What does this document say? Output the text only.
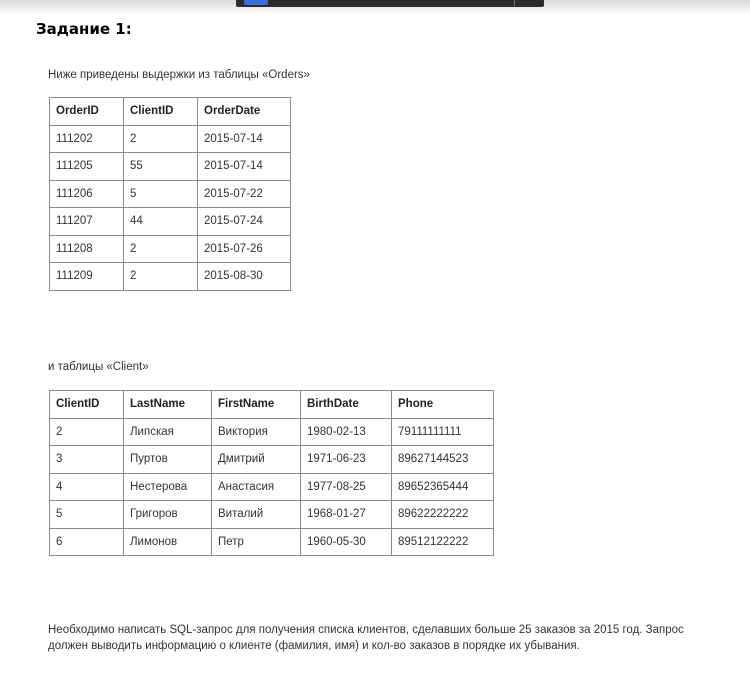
Задание 1:
Ниже приведены выдержки из таблицы «Orders»
OrderID	ClientID	OrderDate
111202	2	2015-07-14
111205	55	2015-07-14
111206	5	2015-07-22
111207	44	2015-07-24
111208	2	2015-07-26
111209	2	2015-08-30
и таблицы «Client»
ClientID	LastName	FirstName	BirthDate	Phone
2	Липская	Виктория	1980-02-13	79111111111
3	Пуртов	Дмитрий	1971-06-23	89627144523
4	Нестерова	Анастасия	1977-08-25	89652365444
5	Григоров	Виталий	1968-01-27	89622222222
6	Лимонов	Петр	1960-05-30	89512122222
Необходимо написать SQL-запрос для получения списка клиентов, сделавших больше 25 заказов за 2015 год. Запрос должен выводить информацию о клиенте (фамилия, имя) и кол-во заказов в порядке их убывания.
